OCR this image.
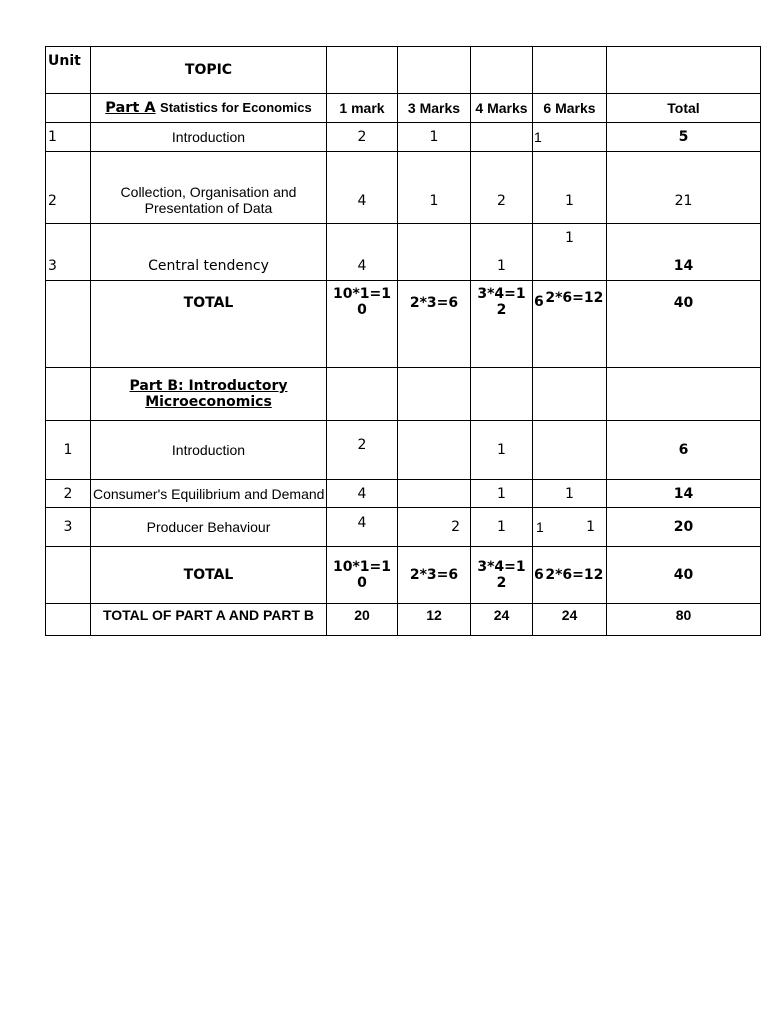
Unit	TOPIC					
	Part A Statistics for Economics	1 mark	3 Marks	4 Marks	6 Marks	Total
1	Introduction	2	1		1	5
2	Collection, Organisation and Presentation of Data	4	1	2	1	21
3	Central tendency	4		1	1	14
	TOTAL	10*1=10	2*3=6	3*4=12	6 2*6=12	40
	Part B: Introductory Microeconomics					
1	Introduction	2		1		6
2	Consumer's Equilibrium and Demand	4		1	1	14
3	Producer Behaviour	4	2	1	1 1	20
	TOTAL	10*1=10	2*3=6	3*4=12	6 2*6=12	40
	TOTAL OF PART A AND PART B	20	12	24	24	80
